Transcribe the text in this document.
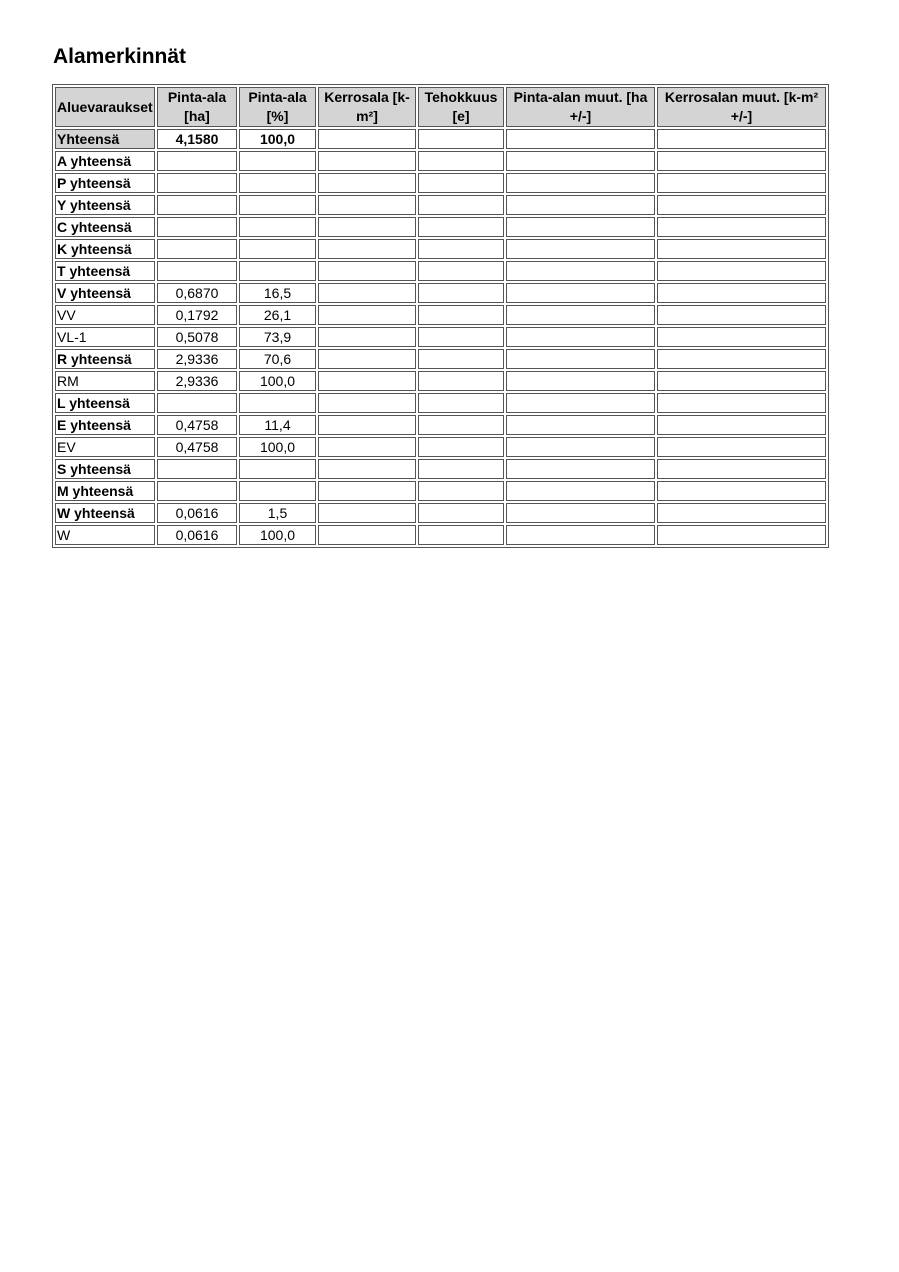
Alamerkinnät
Aluevaraukset	Pinta-ala [ha]	Pinta-ala [%]	Kerrosala [k-m²]	Tehokkuus [e]	Pinta-alan muut. [ha +/-]	Kerrosalan muut. [k-m² +/-]
Yhteensä	4,1580	100,0				
A yhteensä						
P yhteensä						
Y yhteensä						
C yhteensä						
K yhteensä						
T yhteensä						
V yhteensä	0,6870	16,5				
VV	0,1792	26,1				
VL-1	0,5078	73,9				
R yhteensä	2,9336	70,6				
RM	2,9336	100,0				
L yhteensä						
E yhteensä	0,4758	11,4				
EV	0,4758	100,0				
S yhteensä						
M yhteensä						
W yhteensä	0,0616	1,5				
W	0,0616	100,0				
